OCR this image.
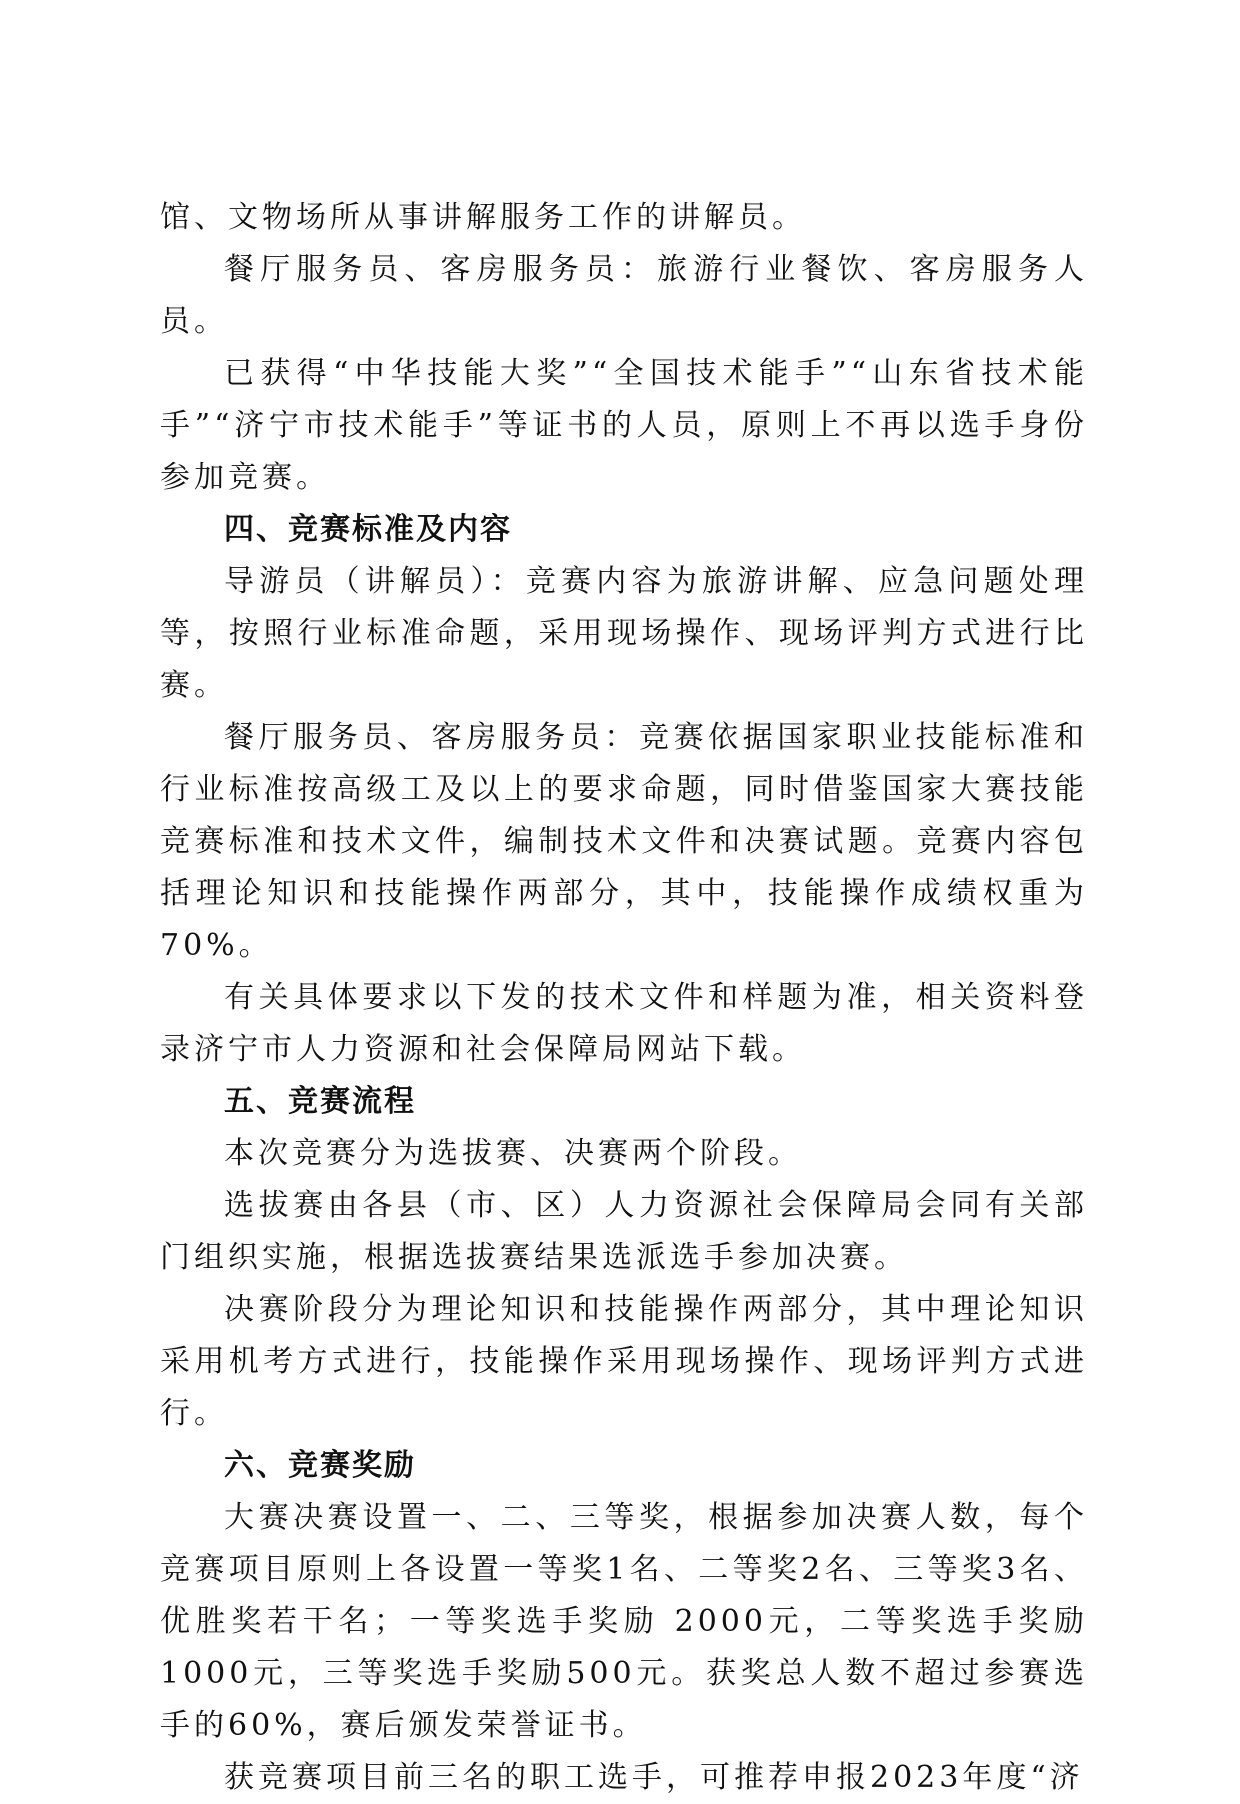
馆、文物场所从事讲解服务工作的讲解员。

餐厅服务员、客房服务员：旅游行业餐饮、客房服务人员。

已获得“中华技能大奖”“全国技术能手”“山东省技术能手”“济宁市技术能手”等证书的人员，原则上不再以选手身份参加竞赛。

四、竞赛标准及内容

导游员（讲解员）：竞赛内容为旅游讲解、应急问题处理等，按照行业标准命题，采用现场操作、现场评判方式进行比赛。

餐厅服务员、客房服务员：竞赛依据国家职业技能标准和行业标准按高级工及以上的要求命题，同时借鉴国家大赛技能竞赛标准和技术文件，编制技术文件和决赛试题。竞赛内容包括理论知识和技能操作两部分，其中，技能操作成绩权重为70%。

有关具体要求以下发的技术文件和样题为准，相关资料登录济宁市人力资源和社会保障局网站下载。

五、竞赛流程

本次竞赛分为选拔赛、决赛两个阶段。

选拔赛由各县（市、区）人力资源社会保障局会同有关部门组织实施，根据选拔赛结果选派选手参加决赛。

决赛阶段分为理论知识和技能操作两部分，其中理论知识采用机考方式进行，技能操作采用现场操作、现场评判方式进行。

六、竞赛奖励

大赛决赛设置一、二、三等奖，根据参加决赛人数，每个竞赛项目原则上各设置一等奖1名、二等奖2名、三等奖3名、优胜奖若干名；一等奖选手奖励 2000元，二等奖选手奖励1000元，三等奖选手奖励500元。获奖总人数不超过参赛选手的60%，赛后颁发荣誉证书。

获竞赛项目前三名的职工选手，可推荐申报2023年度“济
